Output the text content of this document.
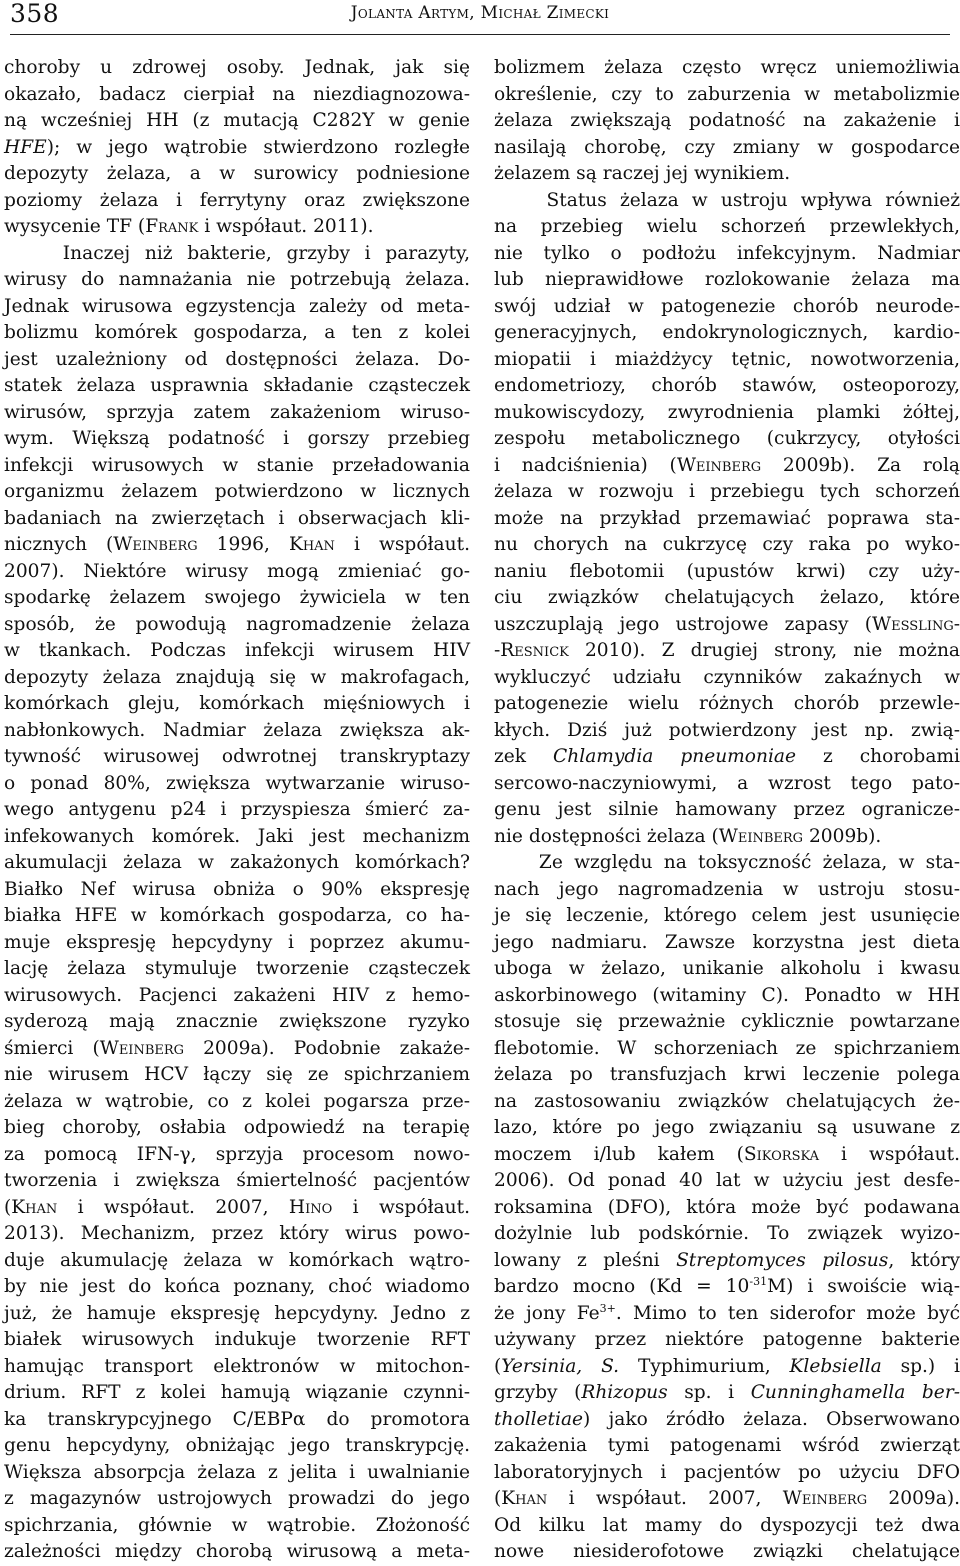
358	Jolanta Artym, Michał Zimecki
choroby u zdrowej osoby. Jednak, jak się
okazało, badacz cierpiał na niezdiagnozowa-
ną wcześniej HH (z mutacją C282Y w genie
HFE); w jego wątrobie stwierdzono rozległe
depozyty żelaza, a w surowicy podniesione
poziomy żelaza i ferrytyny oraz zwiększone
wysycenie TF (Frank i współaut. 2011).
Inaczej niż bakterie, grzyby i parazyty,
wirusy do namnażania nie potrzebują żelaza.
Jednak wirusowa egzystencja zależy od meta-
bolizmu komórek gospodarza, a ten z kolei
jest uzależniony od dostępności żelaza. Do-
statek żelaza usprawnia składanie cząsteczek
wirusów, sprzyja zatem zakażeniom wiruso-
wym. Większą podatność i gorszy przebieg
infekcji wirusowych w stanie przeładowania
organizmu żelazem potwierdzono w licznych
badaniach na zwierzętach i obserwacjach kli-
nicznych (Weinberg 1996, Khan i współaut.
2007). Niektóre wirusy mogą zmieniać go-
spodarkę żelazem swojego żywiciela w ten
sposób, że powodują nagromadzenie żelaza
w tkankach. Podczas infekcji wirusem HIV
depozyty żelaza znajdują się w makrofagach,
komórkach gleju, komórkach mięśniowych i
nabłonkowych. Nadmiar żelaza zwiększa ak-
tywność wirusowej odwrotnej transkryptazy
o ponad 80%, zwiększa wytwarzanie wiruso-
wego antygenu p24 i przyspiesza śmierć za-
infekowanych komórek. Jaki jest mechanizm
akumulacji żelaza w zakażonych komórkach?
Białko Nef wirusa obniża o 90% ekspresję
białka HFE w komórkach gospodarza, co ha-
muje ekspresję hepcydyny i poprzez akumu-
lację żelaza stymuluje tworzenie cząsteczek
wirusowych. Pacjenci zakażeni HIV z hemo-
syderozą mają znacznie zwiększone ryzyko
śmierci (Weinberg 2009a). Podobnie zakaże-
nie wirusem HCV łączy się ze spichrzaniem
żelaza w wątrobie, co z kolei pogarsza prze-
bieg choroby, osłabia odpowiedź na terapię
za pomocą IFN-γ, sprzyja procesom nowo-
tworzenia i zwiększa śmiertelność pacjentów
(Khan i współaut. 2007, Hino i współaut.
2013). Mechanizm, przez który wirus powo-
duje akumulację żelaza w komórkach wątro-
by nie jest do końca poznany, choć wiadomo
już, że hamuje ekspresję hepcydyny. Jedno z
białek wirusowych indukuje tworzenie RFT
hamując transport elektronów w mitochon-
drium. RFT z kolei hamują wiązanie czynni-
ka transkrypcyjnego C/EBPα do promotora
genu hepcydyny, obniżając jego transkrypcję.
Większa absorpcja żelaza z jelita i uwalnianie
z magazynów ustrojowych prowadzi do jego
spichrzania, głównie w wątrobie. Złożoność
zależności między chorobą wirusową a meta-
bolizmem żelaza często wręcz uniemożliwia
określenie, czy to zaburzenia w metabolizmie
żelaza zwiększają podatność na zakażenie i
nasilają chorobę, czy zmiany w gospodarce
żelazem są raczej jej wynikiem.
Status żelaza w ustroju wpływa również
na przebieg wielu schorzeń przewlekłych,
nie tylko o podłożu infekcyjnym. Nadmiar
lub nieprawidłowe rozlokowanie żelaza ma
swój udział w patogenezie chorób neurode-
generacyjnych, endokrynologicznych, kardio-
miopatii i miażdżycy tętnic, nowotworzenia,
endometriozy, chorób stawów, osteoporozy,
mukowiscydozy, zwyrodnienia plamki żółtej,
zespołu metabolicznego (cukrzycy, otyłości
i nadciśnienia) (Weinberg 2009b). Za rolą
żelaza w rozwoju i przebiegu tych schorzeń
może na przykład przemawiać poprawa sta-
nu chorych na cukrzycę czy raka po wyko-
naniu flebotomii (upustów krwi) czy uży-
ciu związków chelatujących żelazo, które
uszczuplają jego ustrojowe zapasy (Wessling-
-Resnick 2010). Z drugiej strony, nie można
wykluczyć udziału czynników zakaźnych w
patogenezie wielu różnych chorób przewle-
kłych. Dziś już potwierdzony jest np. zwią-
zek Chlamydia pneumoniae z chorobami
sercowo-naczyniowymi, a wzrost tego pato-
genu jest silnie hamowany przez ogranicze-
nie dostępności żelaza (Weinberg 2009b).
Ze względu na toksyczność żelaza, w sta-
nach jego nagromadzenia w ustroju stosu-
je się leczenie, którego celem jest usunięcie
jego nadmiaru. Zawsze korzystna jest dieta
uboga w żelazo, unikanie alkoholu i kwasu
askorbinowego (witaminy C). Ponadto w HH
stosuje się przeważnie cyklicznie powtarzane
flebotomie. W schorzeniach ze spichrzaniem
żelaza po transfuzjach krwi leczenie polega
na zastosowaniu związków chelatujących że-
lazo, które po jego związaniu są usuwane z
moczem i/lub kałem (Sikorska i współaut.
2006). Od ponad 40 lat w użyciu jest desfe-
roksamina (DFO), która może być podawana
dożylnie lub podskórnie. To związek wyizo-
lowany z pleśni Streptomyces pilosus, który
bardzo mocno $(Kd = 10^{-31}M)$ i swoiście wią-
że jony $Fe^{3+}$. Mimo to ten siderofor może być
używany przez niektóre patogenne bakterie
(Yersinia, S. Typhimurium, Klebsiella sp.) i
grzyby (Rhizopus sp. i Cunninghamella ber-
tholletiae) jako źródło żelaza. Obserwowano
zakażenia tymi patogenami wśród zwierząt
laboratoryjnych i pacjentów po użyciu DFO
(Khan i współaut. 2007, Weinberg 2009a).
Od kilku lat mamy do dyspozycji też dwa
nowe niesiderofotowe związki chelatujące
